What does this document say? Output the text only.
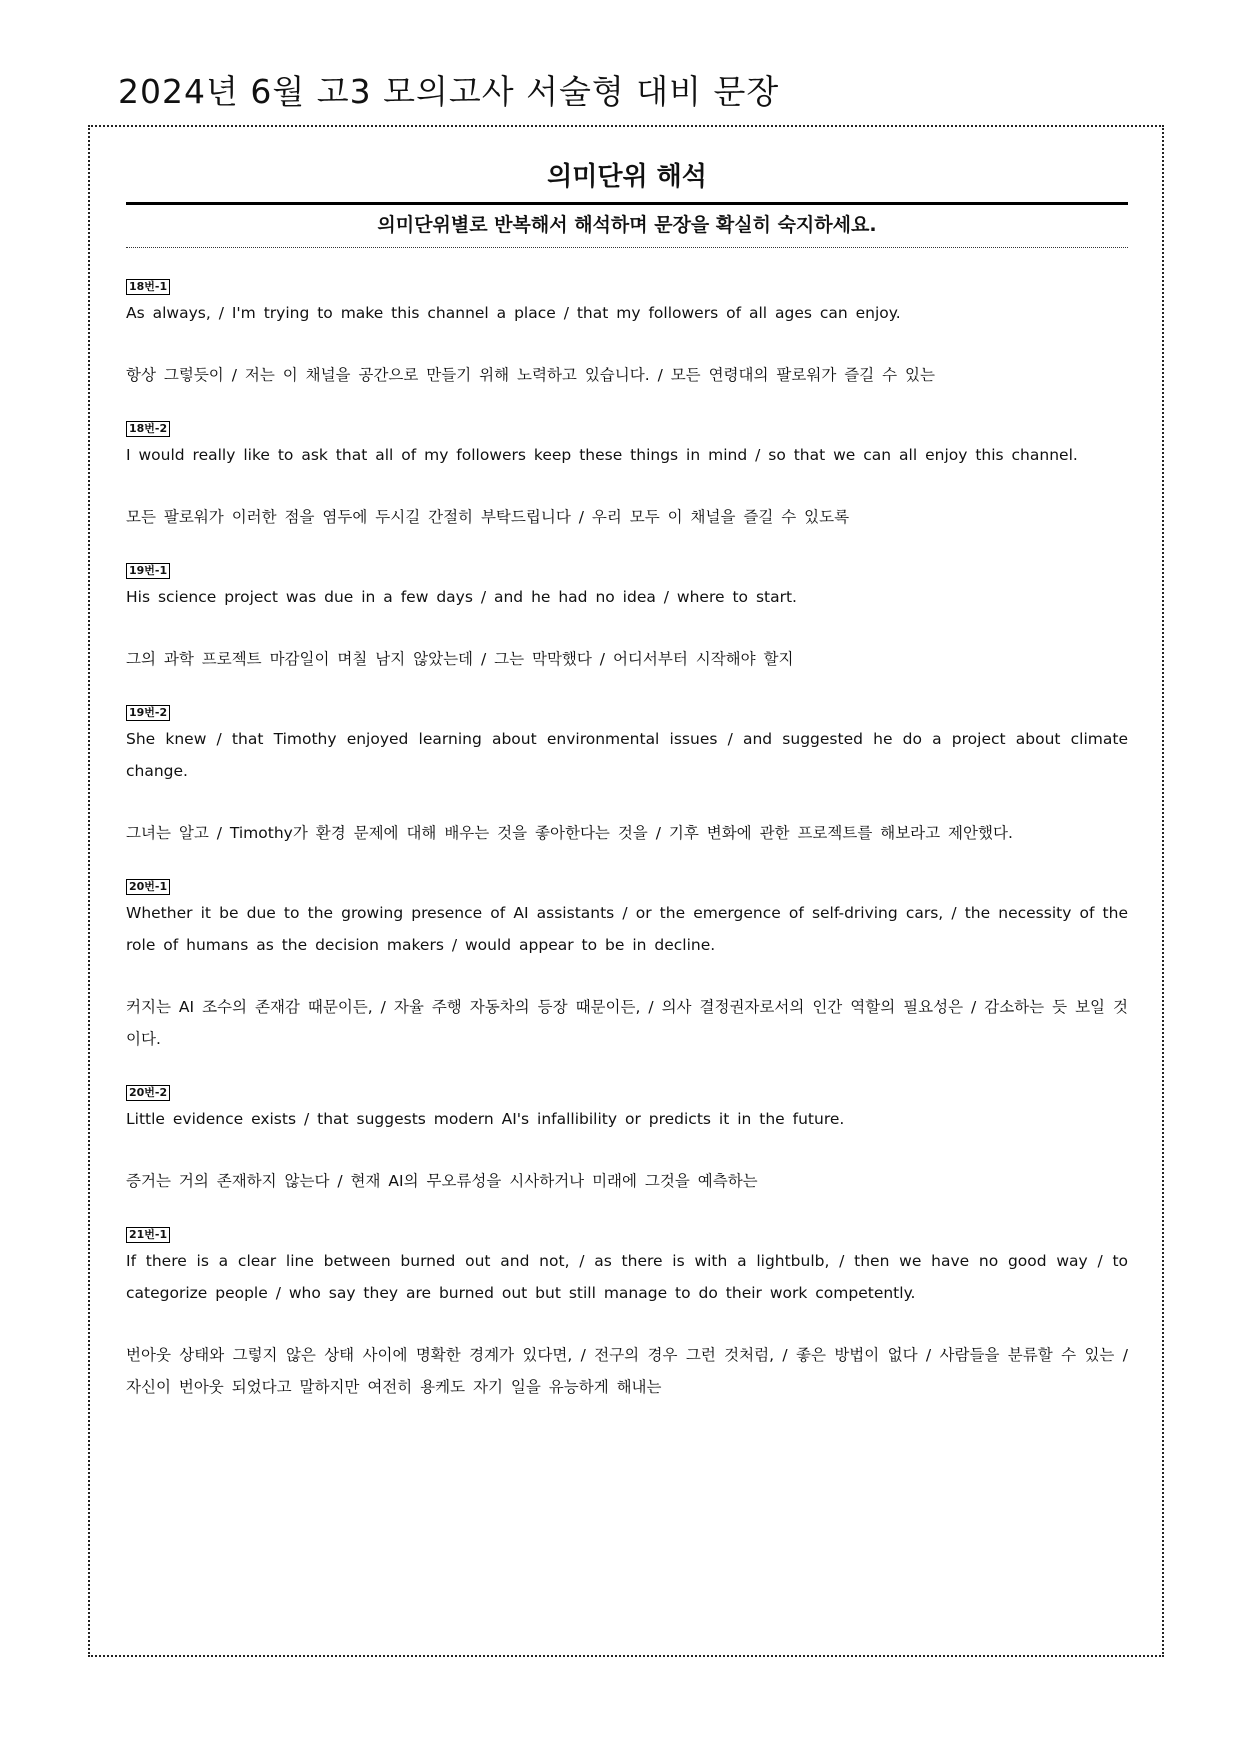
2024년 6월 고3 모의고사 서술형 대비 문장
의미단위 해석
의미단위별로 반복해서 해석하며 문장을 확실히 숙지하세요.
18번-1

As always, / I'm trying to make this channel a place / that my followers of all ages can enjoy.

항상 그렇듯이 / 저는 이 채널을 공간으로 만들기 위해 노력하고 있습니다. / 모든 연령대의 팔로워가 즐길 수 있는

18번-2

I would really like to ask that all of my followers keep these things in mind / so that we can all enjoy this channel.

모든 팔로워가 이러한 점을 염두에 두시길 간절히 부탁드립니다 / 우리 모두 이 채널을 즐길 수 있도록

19번-1

His science project was due in a few days / and he had no idea / where to start.

그의 과학 프로젝트 마감일이 며칠 남지 않았는데 / 그는 막막했다 / 어디서부터 시작해야 할지

19번-2

She knew / that Timothy enjoyed learning about environmental issues / and suggested he do a project about climate change.

그녀는 알고 / Timothy가 환경 문제에 대해 배우는 것을 좋아한다는 것을 / 기후 변화에 관한 프로젝트를 해보라고 제안했다.

20번-1

Whether it be due to the growing presence of AI assistants / or the emergence of self-driving cars, / the necessity of the role of humans as the decision makers / would appear to be in decline.

커지는 AI 조수의 존재감 때문이든, / 자율 주행 자동차의 등장 때문이든, / 의사 결정권자로서의 인간 역할의 필요성은 / 감소하는 듯 보일 것이다.

20번-2

Little evidence exists / that suggests modern AI's infallibility or predicts it in the future.

증거는 거의 존재하지 않는다 / 현재 AI의 무오류성을 시사하거나 미래에 그것을 예측하는

21번-1

If there is a clear line between burned out and not, / as there is with a lightbulb, / then we have no good way / to categorize people / who say they are burned out but still manage to do their work competently.

번아웃 상태와 그렇지 않은 상태 사이에 명확한 경계가 있다면, / 전구의 경우 그런 것처럼, / 좋은 방법이 없다 / 사람들을 분류할 수 있는 / 자신이 번아웃 되었다고 말하지만 여전히 용케도 자기 일을 유능하게 해내는
